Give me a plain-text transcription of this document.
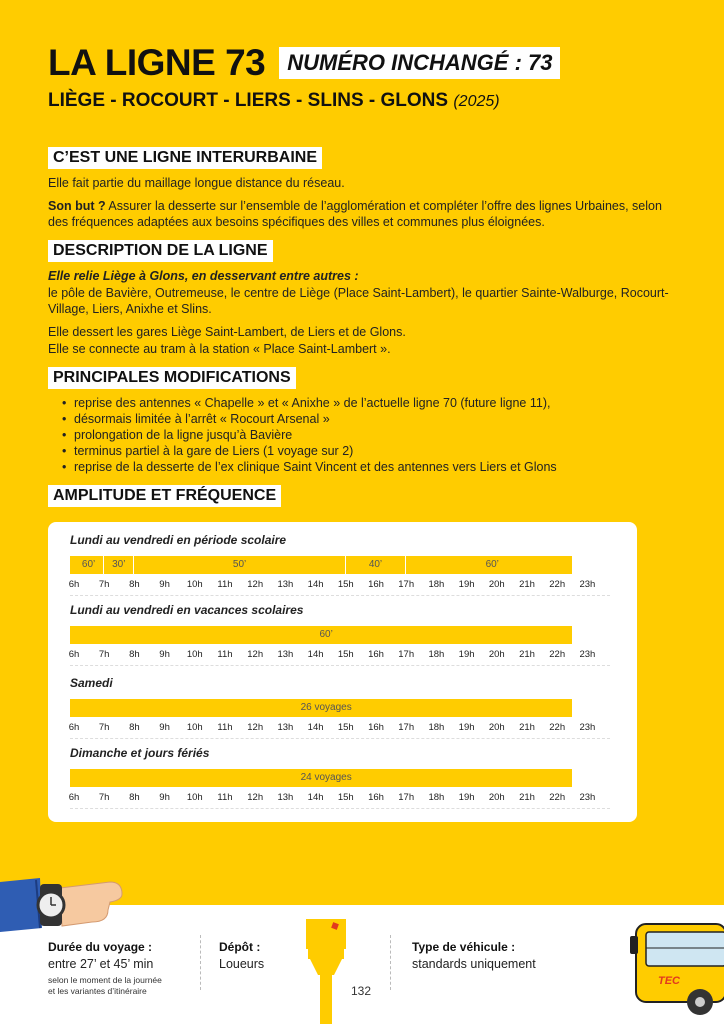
LA LIGNE 73	NUMÉRO INCHANGÉ : 73
LIÈGE - ROCOURT - LIERS - SLINS - GLONS (2025)
C’EST UNE LIGNE INTERURBAINE
Elle fait partie du maillage longue distance du réseau.
Son but ? Assurer la desserte sur l’ensemble de l’agglomération et compléter l’offre des lignes Urbaines, selon des fréquences adaptées aux besoins spécifiques des villes et communes plus éloignées.
DESCRIPTION DE LA LIGNE
Elle relie Liège à Glons, en desservant entre autres :
le pôle de Bavière, Outremeuse, le centre de Liège (Place Saint-Lambert), le quartier Sainte-Walburge, Rocourt-Village, Liers, Anixhe et Slins.
Elle dessert les gares Liège Saint-Lambert, de Liers et de Glons.
Elle se connecte au tram à la station « Place Saint-Lambert ».
PRINCIPALES MODIFICATIONS
• reprise des antennes « Chapelle » et « Anixhe » de l’actuelle ligne 70 (future ligne 11),
• désormais limitée à l’arrêt « Rocourt Arsenal »
• prolongation de la ligne jusqu’à Bavière
• terminus partiel à la gare de Liers (1 voyage sur 2)
• reprise de la desserte de l’ex clinique Saint Vincent et des antennes vers Liers et Glons
AMPLITUDE ET FRÉQUENCE
Lundi au vendredi en période scolaire
60’	30’	50’	40’	60’
6h	7h	8h	9h	10h	11h	12h	13h	14h	15h	16h	17h	18h	19h	20h	21h	22h	23h
Lundi au vendredi en vacances scolaires
60’
6h	7h	8h	9h	10h	11h	12h	13h	14h	15h	16h	17h	18h	19h	20h	21h	22h	23h
Samedi
26 voyages
6h	7h	8h	9h	10h	11h	12h	13h	14h	15h	16h	17h	18h	19h	20h	21h	22h	23h
Dimanche et jours fériés
24 voyages
6h	7h	8h	9h	10h	11h	12h	13h	14h	15h	16h	17h	18h	19h	20h	21h	22h	23h
Durée du voyage :
entre 27’ et 45’ min
selon le moment de la journée
et les variantes d’itinéraire
Dépôt :
Loueurs
132
Type de véhicule :
standards uniquement
TEC
